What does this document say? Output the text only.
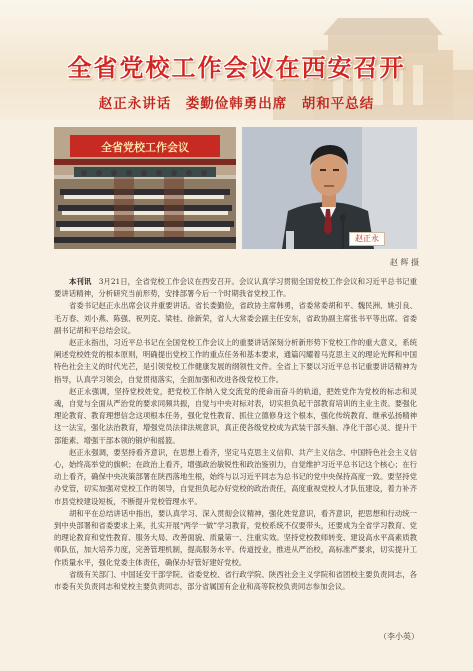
全省党校工作会议在西安召开
赵正永讲话　娄勤俭韩勇出席　胡和平总结
全省党校工作会议
赵正永
赵 辉 摄

本刊讯　 3月21日，全省党校工作会议在西安召开。会议认真学习贯彻全国党校工作会议和习近平总书记重要讲话精神，分析研究当前形势，安排部署今后一个时期我省党校工作。

省委书记赵正永出席会议并重要讲话。省长娄勤俭，省政协主席韩勇，省委常委胡和平、魏民洲、姚引良、毛万春、刘小燕、陈强、祝列克、梁桂、徐新荣，省人大常委会副主任安东，省政协副主席张书平等出席。省委副书记胡和平总结会议。

赵正永指出，习近平总书记在全国党校工作会议上的重要讲话深刻分析新形势下党校工作的重大意义，系统阐述党校姓党的根本原则，明确提出党校工作的重点任务和基本要求，通篇闪耀着马克思主义的理论光辉和中国特色社会主义的时代光芒，是引领党校工作健康发展的纲领性文件。全省上下要以习近平总书记重要讲话精神为指导，认真学习领会，自觉贯彻落实，全面加强和改进各级党校工作。

赵正永强调，坚持党校姓党，把党校工作纳入党交流党的使命而奋斗的轨道，把姓党作为党校的标志和灵魂，自觉与全面从严治党的要求同频共振，自觉与中央对标对表，切实担负起干部教育培训的主业主责。要强化理论教育、教育理想信念这项根本任务，强化党性教育、抓住立德修身这个根本，强化传统教育、继承弘扬精神这一法宝，强化法治教育，增强党员法律法规意识，真正使各级党校成为武装干部头脑、净化干部心灵、提升干部能素、增强干部本领的锻炉和摇篮。

赵正永强调，要坚持看齐意识，在思想上看齐，坚定马克思主义信仰、共产主义信念、中国特色社会主义信心，始终高举党的旗帜；在政治上看齐，增强政治敏锐性和政治鉴别力，自觉维护习近平总书记这个核心；在行动上看齐，确保中央决策部署在陕西落地生根，始终与以习近平同志为总书记的党中央保持高度一致。要坚持党办党管，切实加强对党校工作的领导，自觉担负起办好党校的政治责任，高度重视党校人才队伍建设，着力补齐市县党校建设短板，不断提升党校管理水平。

胡和平在总结讲话中指出，要认真学习、深入贯彻会议精神，强化姓党意识，看齐意识，把思想和行动统一到中央部署和省委要求上来，扎实开展“两学一做”学习教育，党校系统不仅要带头，还要成为全省学习教育、党的理论教育和党性教育、服务大局、改善面貌、质量第一、注重实效。坚持党校教师转变、建设高水平高素质教师队伍，加大培养力度，完善管理机制，提高服务水平。传道授业，推进从严治校，高标准严要求，切实提升工作质量水平，强化党委主体责任，确保办好管好建好党校。

省级有关部门、中国延安干部学院、省委党校、省行政学院、陕西社会主义学院和省团校主要负责同志，各市委有关负责同志和党校主要负责同志，部分省属国有企业和高等院校负责同志参加会议。

（李小英）
